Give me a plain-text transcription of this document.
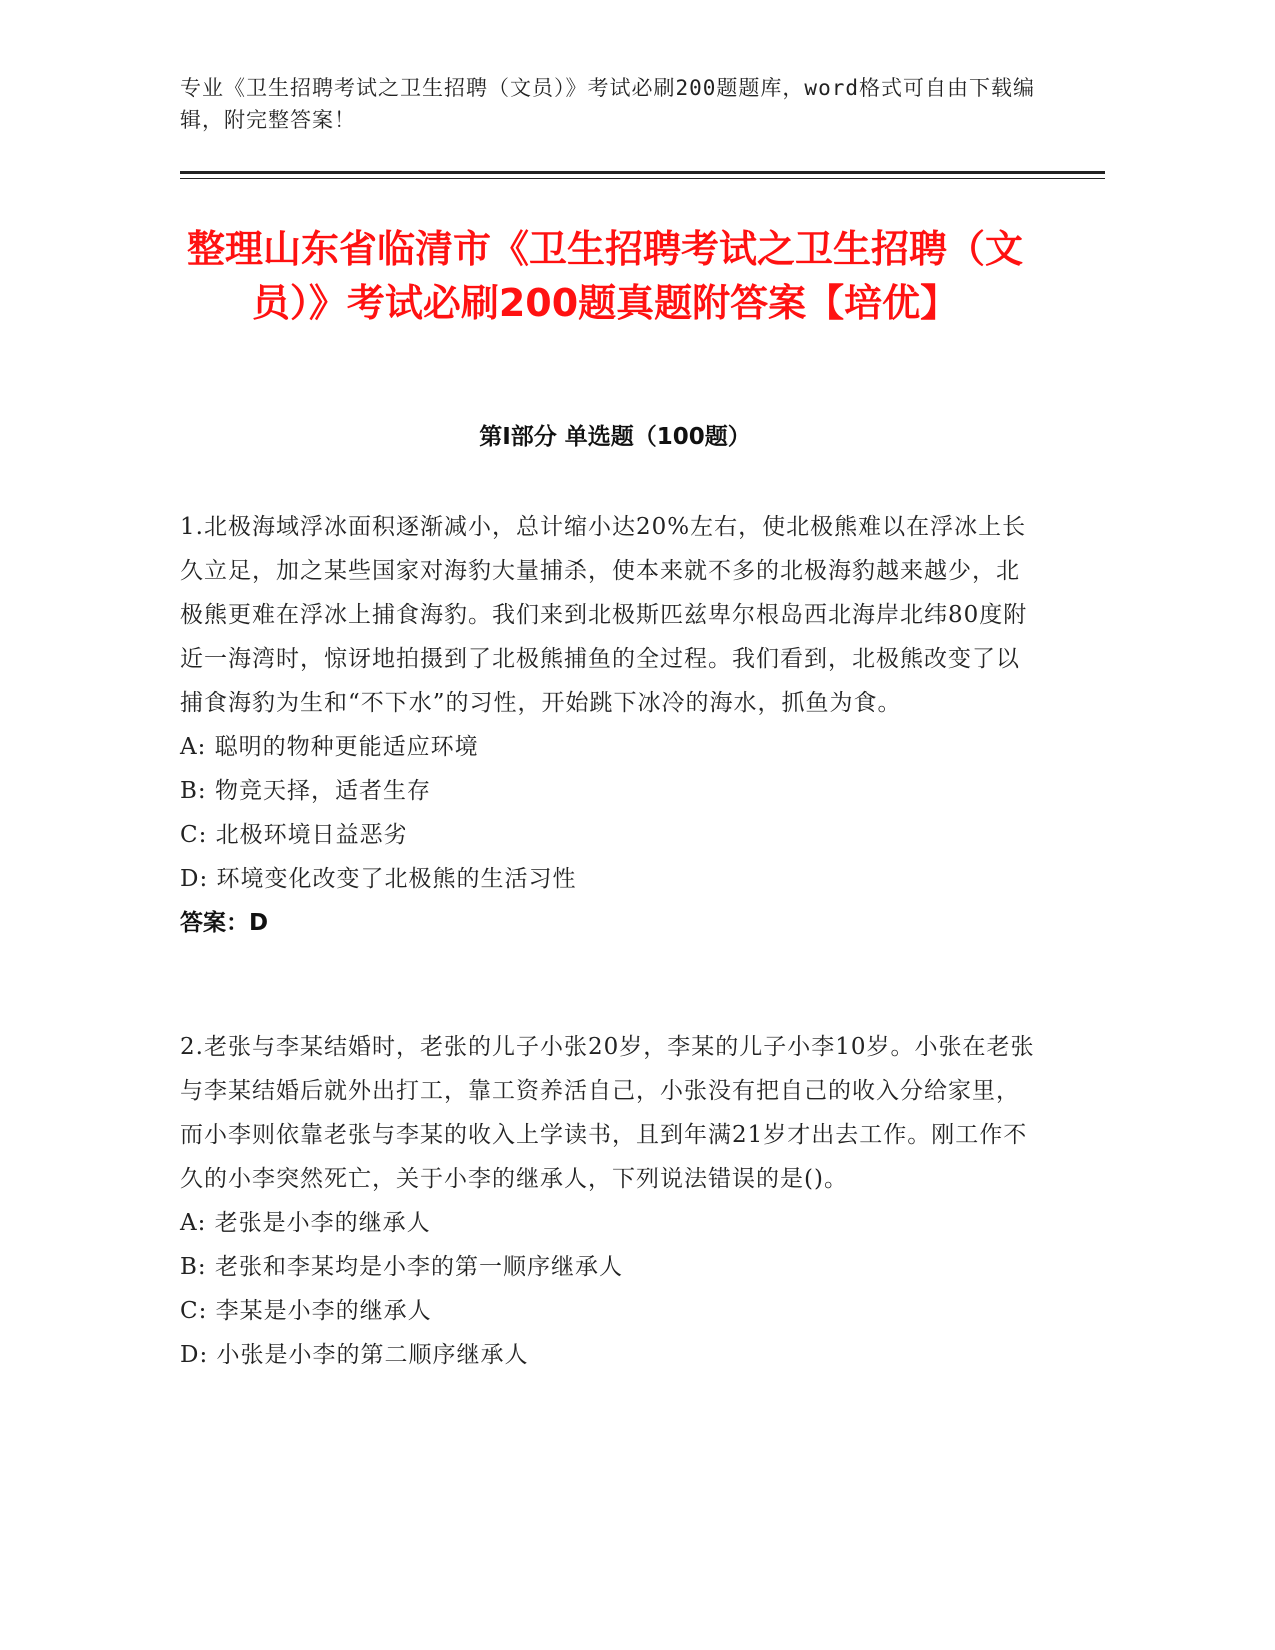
专业《卫生招聘考试之卫生招聘（文员）》考试必刷200题题库，word格式可自由下载编辑，附完整答案！
整理山东省临清市《卫生招聘考试之卫生招聘（文员）》考试必刷200题真题附答案【培优】
第I部分 单选题（100题）
1.北极海域浮冰面积逐渐减小，总计缩小达20%左右，使北极熊难以在浮冰上长久立足，加之某些国家对海豹大量捕杀，使本来就不多的北极海豹越来越少，北极熊更难在浮冰上捕食海豹。我们来到北极斯匹兹卑尔根岛西北海岸北纬80度附近一海湾时，惊讶地拍摄到了北极熊捕鱼的全过程。我们看到，北极熊改变了以捕食海豹为生和“不下水”的习性，开始跳下冰冷的海水，抓鱼为食。
A: 聪明的物种更能适应环境
B: 物竞天择，适者生存
C: 北极环境日益恶劣
D: 环境变化改变了北极熊的生活习性
答案：D
2.老张与李某结婚时，老张的儿子小张20岁，李某的儿子小李10岁。小张在老张与李某结婚后就外出打工，靠工资养活自己，小张没有把自己的收入分给家里，而小李则依靠老张与李某的收入上学读书，且到年满21岁才出去工作。刚工作不久的小李突然死亡，关于小李的继承人，下列说法错误的是()。
A: 老张是小李的继承人
B: 老张和李某均是小李的第一顺序继承人
C: 李某是小李的继承人
D: 小张是小李的第二顺序继承人
